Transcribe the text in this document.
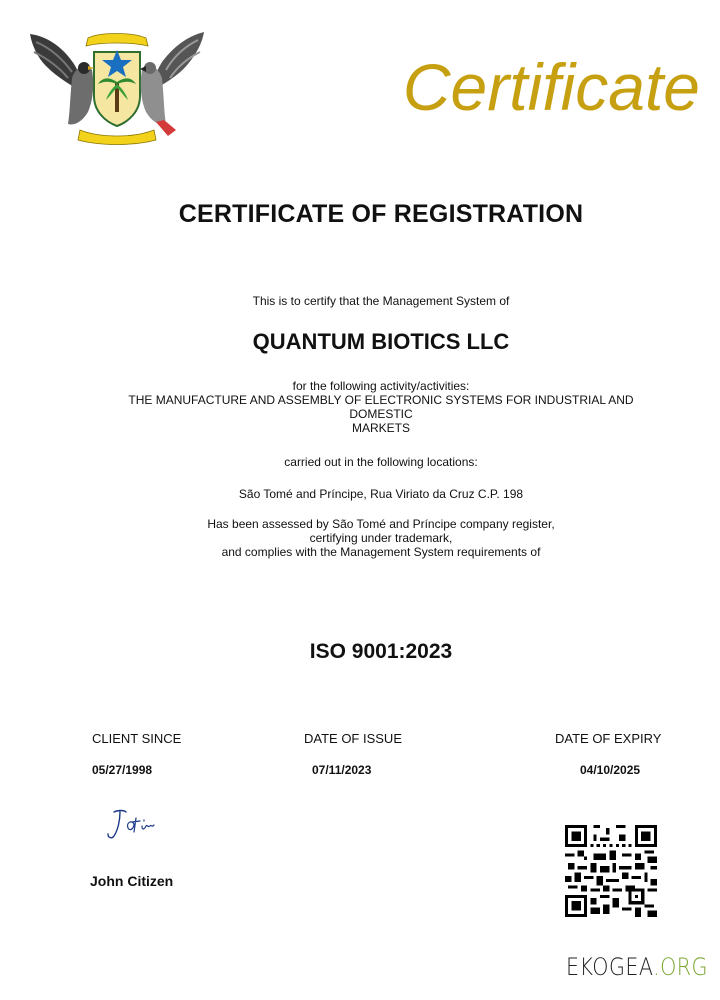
Certificate
CERTIFICATE OF REGISTRATION
This is to certify that the Management System of
QUANTUM BIOTICS LLC
for the following activity/activities:
THE MANUFACTURE AND ASSEMBLY OF ELECTRONIC SYSTEMS FOR INDUSTRIAL AND
DOMESTIC
MARKETS
carried out in the following locations:
São Tomé and Príncipe, Rua Viriato da Cruz C.P. 198
Has been assessed by São Tomé and Príncipe company register,
certifying under trademark,
and complies with the Management System requirements of
ISO 9001:2023
CLIENT SINCE
05/27/1998
DATE OF ISSUE
07/11/2023
DATE OF EXPIRY
04/10/2025
John Citizen
EKOGEA.ORG
